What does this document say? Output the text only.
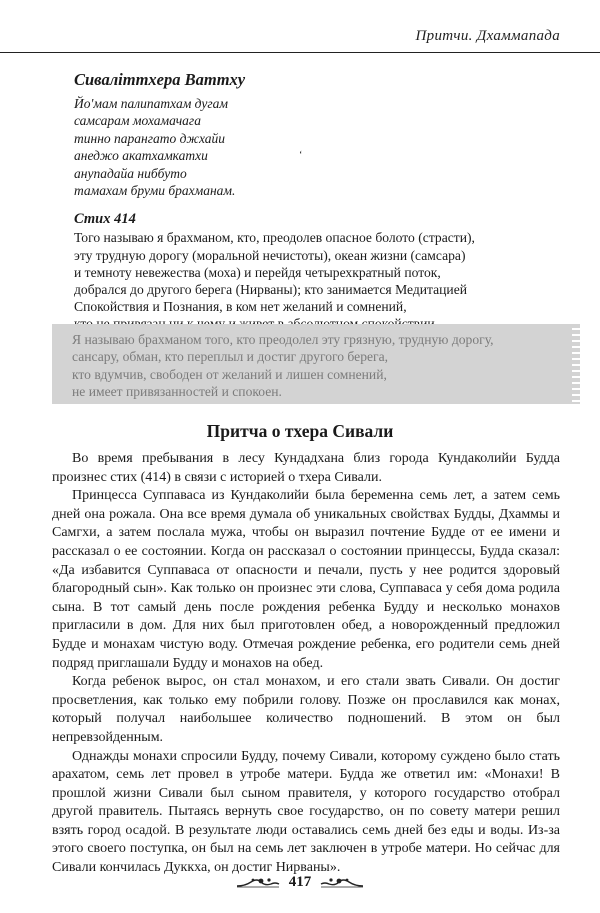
Притчи. Дхаммапада
Сиваліттхера Ваттху
Йо'мам палипатхам дугам
самсарам мохамачага
тинно парангато джхайи
анеджо акатхамкатхи
анупадайа ниббуто
тамахам бруми брахманам.
Стих 414
Того называю я брахманом, кто, преодолев опасное болото (страсти),
эту трудную дорогу (моральной нечистоты), океан жизни (самсара)
и темноту невежества (моха) и перейдя четырехкратный поток,
добрался до другого берега (Нирваны); кто занимается Медитацией
Спокойствия и Познания, в ком нет желаний и сомнений,
ʻ
Я называю брахманом того, кто преодолел эту грязную, трудную дорогу,
сансару, обман, кто переплыл и достиг другого берега,
кто вдумчив, свободен от желаний и лишен сомнений,
не имеет привязанностей и спокоен.
Притча о тхера Сивали

Во время пребывания в лесу Кундадхана близ города Кундаколийи Будда произнес стих (414) в связи с историей о тхера Сивали.

Принцесса Суппаваса из Кундаколийи была беременна семь лет, а затем семь дней она рожала. Она все время думала об уникальных свойствах Будды, Дхаммы и Самгхи, а затем послала мужа, чтобы он выразил почтение Будде от ее имени и рассказал о ее состоянии. Когда он рассказал о состоянии принцессы, Будда сказал: «Да избавится Суппаваса от опасности и печали, пусть у нее родится здоровый благородный сын». Как только он произнес эти слова, Суппаваса у себя дома родила сына. В тот самый день после рождения ребенка Будду и несколько монахов пригласили в дом. Для них был приготовлен обед, а новорожденный предложил Будде и монахам чистую воду. Отмечая рождение ребенка, его родители семь дней подряд приглашали Будду и монахов на обед.

Когда ребенок вырос, он стал монахом, и его стали звать Сивали. Он достиг просветления, как только ему побрили голову. Позже он прославился как монах, который получал наибольшее количество подношений. В этом он был непревзойденным.

Однажды монахи спросили Будду, почему Сивали, которому суждено было стать арахатом, семь лет провел в утробе матери. Будда же ответил им: «Монахи! В прошлой жизни Сивали был сыном правителя, у которого государство отобрал другой правитель. Пытаясь вернуть свое государство, он по совету матери решил взять город осадой. В результате люди оставались семь дней без еды и воды. Из-за этого своего поступка, он был на семь лет заключен в утробе матери. Но сейчас для Сивали кончилась Дуккха, он достиг Нирваны».

417
